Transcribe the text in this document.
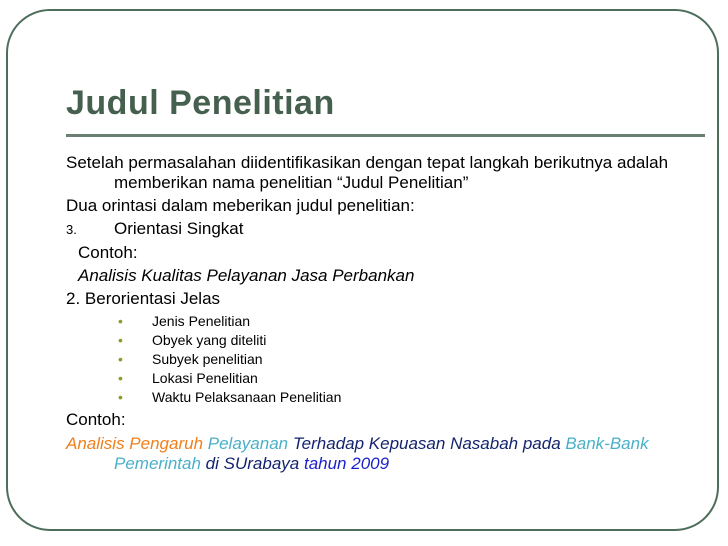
Judul Penelitian

Setelah permasalahan diidentifikasikan dengan tepat langkah berikutnya adalah memberikan nama penelitian “Judul Penelitian”

Dua orintasi dalam meberikan judul penelitian:

3. Orientasi Singkat

Contoh:

Analisis Kualitas Pelayanan Jasa Perbankan

2. Berorientasi Jelas

• Jenis Penelitian
• Obyek yang diteliti
• Subyek penelitian
• Lokasi Penelitian
• Waktu Pelaksanaan Penelitian

Contoh:

Analisis Pengaruh Pelayanan Terhadap Kepuasan Nasabah pada Bank-Bank Pemerintah di SUrabaya tahun 2009
